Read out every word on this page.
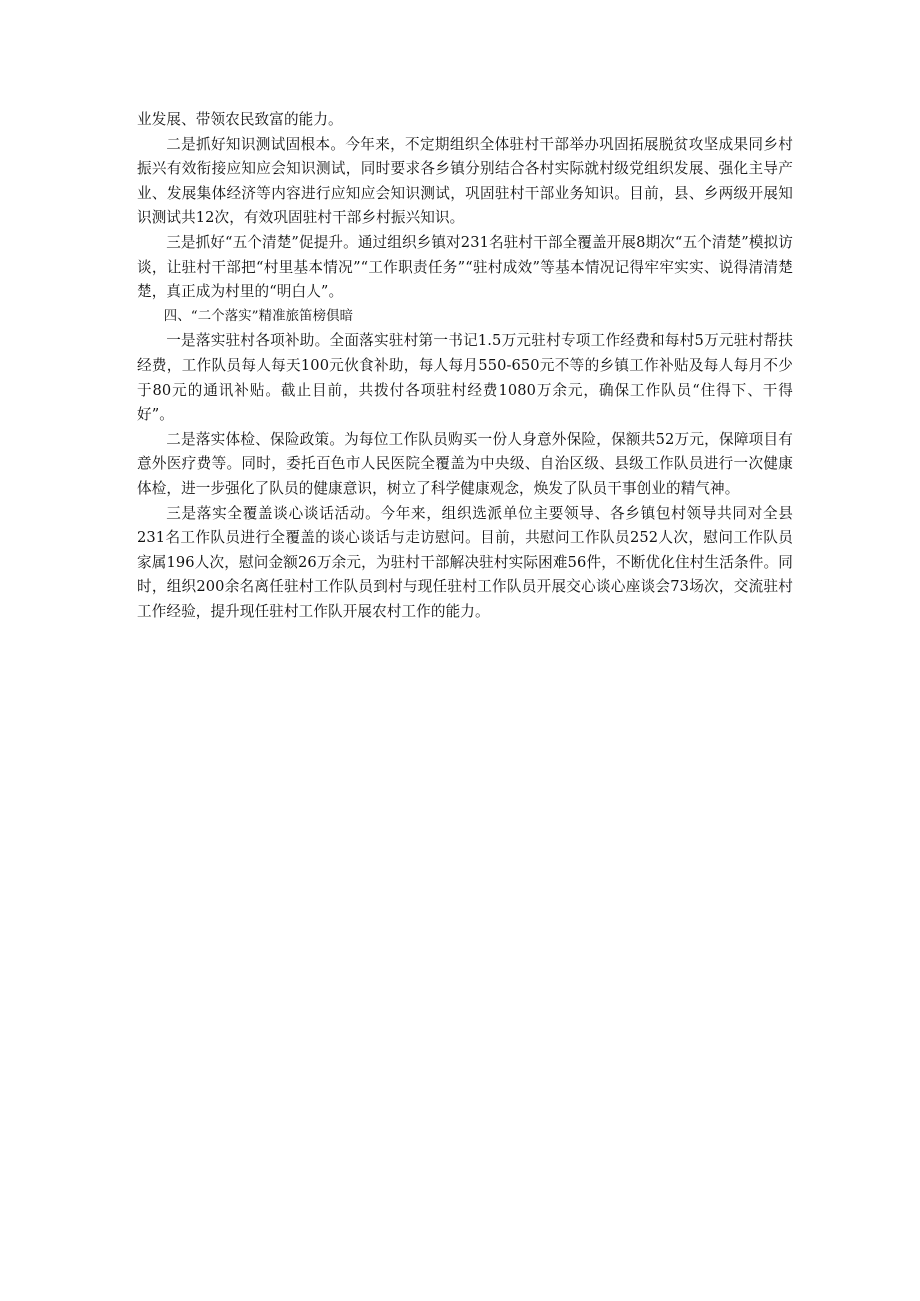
业发展、带领农民致富的能力。

二是抓好知识测试固根本。今年来，不定期组织全体驻村干部举办巩固拓展脱贫攻坚成果同乡村振兴有效衔接应知应会知识测试，同时要求各乡镇分别结合各村实际就村级党组织发展、强化主导产业、发展集体经济等内容进行应知应会知识测试，巩固驻村干部业务知识。目前，县、乡两级开展知识测试共12次，有效巩固驻村干部乡村振兴知识。

三是抓好“五个清楚”促提升。通过组织乡镇对231名驻村干部全覆盖开展8期次“五个清楚”模拟访谈，让驻村干部把“村里基本情况”“工作职责任务”“驻村成效”等基本情况记得牢牢实实、说得清清楚楚，真正成为村里的“明白人”。

四、“二个落实”精准旅笛榜倶暗

一是落实驻村各项补助。全面落实驻村第一书记1.5万元驻村专项工作经费和每村5万元驻村帮扶经费，工作队员每人每天100元伙食补助，每人每月550-650元不等的乡镇工作补贴及每人每月不少于80元的通讯补贴。截止目前，共拨付各项驻村经费1080万余元，确保工作队员“住得下、干得好”。

二是落实体检、保险政策。为每位工作队员购买一份人身意外保险，保额共52万元，保障项目有意外医疗费等。同时，委托百色市人民医院全覆盖为中央级、自治区级、县级工作队员进行一次健康体检，进一步强化了队员的健康意识，树立了科学健康观念，焕发了队员干事创业的精气神。

三是落实全覆盖谈心谈话活动。今年来，组织选派单位主要领导、各乡镇包村领导共同对全县231名工作队员进行全覆盖的谈心谈话与走访慰问。目前，共慰问工作队员252人次，慰问工作队员家属196人次，慰问金额26万余元，为驻村干部解决驻村实际困难56件，不断优化住村生活条件。同时，组织200余名离任驻村工作队员到村与现任驻村工作队员开展交心谈心座谈会73场次，交流驻村工作经验，提升现任驻村工作队开展农村工作的能力。
